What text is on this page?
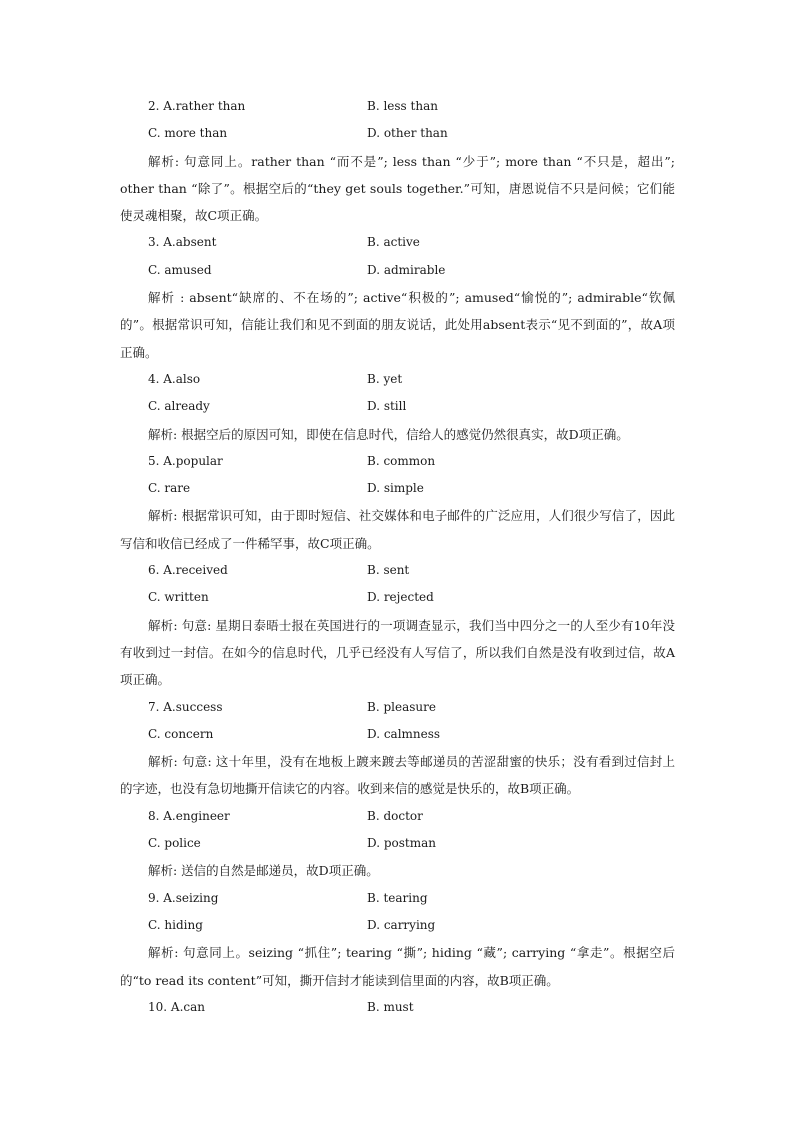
2. A.rather than	B. less than
C. more than	D. other than
解析: 句意同上。rather than “而不是”; less than “少于”; more than “不只是，超出”; other than “除了”。根据空后的“they get souls together.”可知，唐恩说信不只是问候；它们能使灵魂相聚，故C项正确。
3. A.absent	B. active
C. amused	D. admirable
解析 : absent“缺席的、不在场的”; active“积极的”; amused“愉悦的”; admirable“钦佩的”。根据常识可知，信能让我们和见不到面的朋友说话，此处用absent表示“见不到面的”，故A项正确。
4. A.also	B. yet
C. already	D. still
解析: 根据空后的原因可知，即使在信息时代，信给人的感觉仍然很真实，故D项正确。
5. A.popular	B. common
C. rare	D. simple
解析: 根据常识可知，由于即时短信、社交媒体和电子邮件的广泛应用，人们很少写信了，因此写信和收信已经成了一件稀罕事，故C项正确。
6. A.received	B. sent
C. written	D. rejected
解析: 句意: 星期日泰晤士报在英国进行的一项调查显示，我们当中四分之一的人至少有10年没有收到过一封信。在如今的信息时代，几乎已经没有人写信了，所以我们自然是没有收到过信，故A项正确。
7. A.success	B. pleasure
C. concern	D. calmness
解析: 句意: 这十年里，没有在地板上踱来踱去等邮递员的苦涩甜蜜的快乐；没有看到过信封上的字迹，也没有急切地撕开信读它的内容。收到来信的感觉是快乐的，故B项正确。
8. A.engineer	B. doctor
C. police	D. postman
解析: 送信的自然是邮递员，故D项正确。
9. A.seizing	B. tearing
C. hiding	D. carrying
解析: 句意同上。seizing “抓住”; tearing “撕”; hiding “藏”; carrying “拿走”。根据空后的“to read its content”可知，撕开信封才能读到信里面的内容，故B项正确。
10. A.can	B. must
